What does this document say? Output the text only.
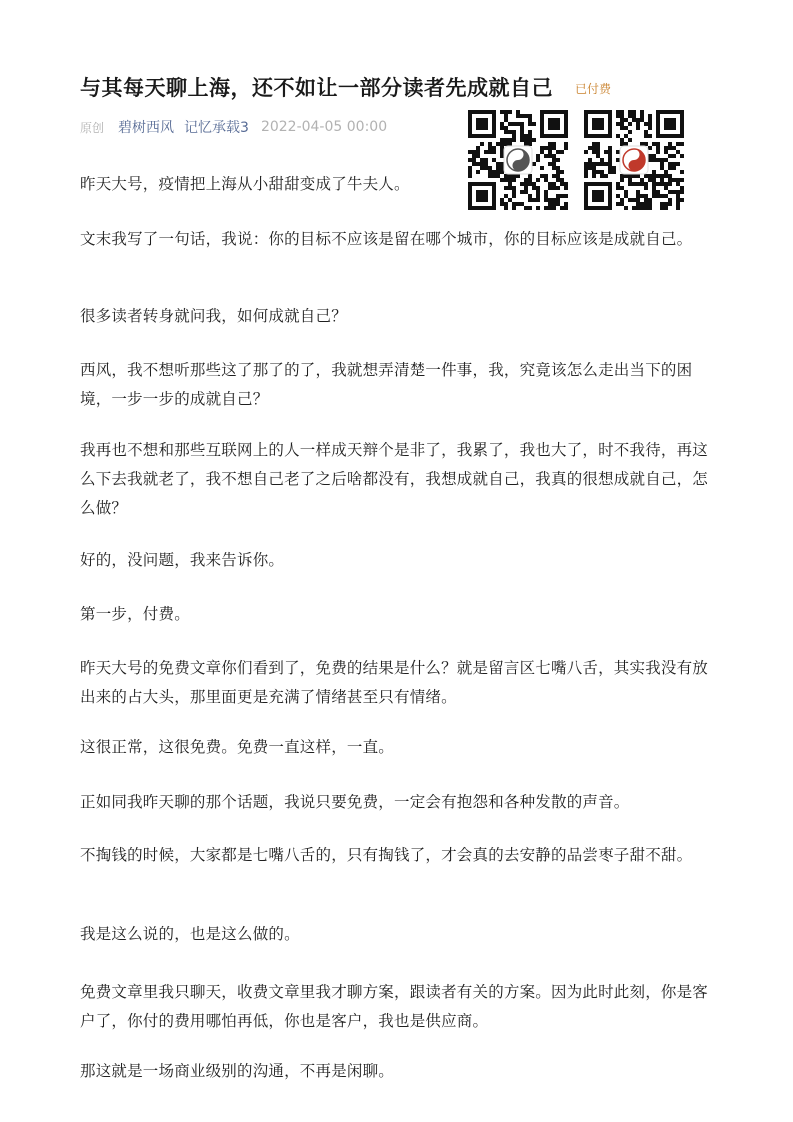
与其每天聊上海，还不如让一部分读者先成就自己 已付费
原创 碧树西风 记忆承载3 2022-04-05 00:00

昨天大号，疫情把上海从小甜甜变成了牛夫人。

文末我写了一句话，我说：你的目标不应该是留在哪个城市，你的目标应该是成就自己。

很多读者转身就问我，如何成就自己？

西风，我不想听那些这了那了的了，我就想弄清楚一件事，我，究竟该怎么走出当下的困境，一步一步的成就自己？

我再也不想和那些互联网上的人一样成天辩个是非了，我累了，我也大了，时不我待，再这么下去我就老了，我不想自己老了之后啥都没有，我想成就自己，我真的很想成就自己，怎么做？

好的，没问题，我来告诉你。

第一步，付费。

昨天大号的免费文章你们看到了，免费的结果是什么？就是留言区七嘴八舌，其实我没有放出来的占大头，那里面更是充满了情绪甚至只有情绪。

这很正常，这很免费。免费一直这样，一直。

正如同我昨天聊的那个话题，我说只要免费，一定会有抱怨和各种发散的声音。

不掏钱的时候，大家都是七嘴八舌的，只有掏钱了，才会真的去安静的品尝枣子甜不甜。

我是这么说的，也是这么做的。

免费文章里我只聊天，收费文章里我才聊方案，跟读者有关的方案。因为此时此刻，你是客户了，你付的费用哪怕再低，你也是客户，我也是供应商。

那这就是一场商业级别的沟通，不再是闲聊。
